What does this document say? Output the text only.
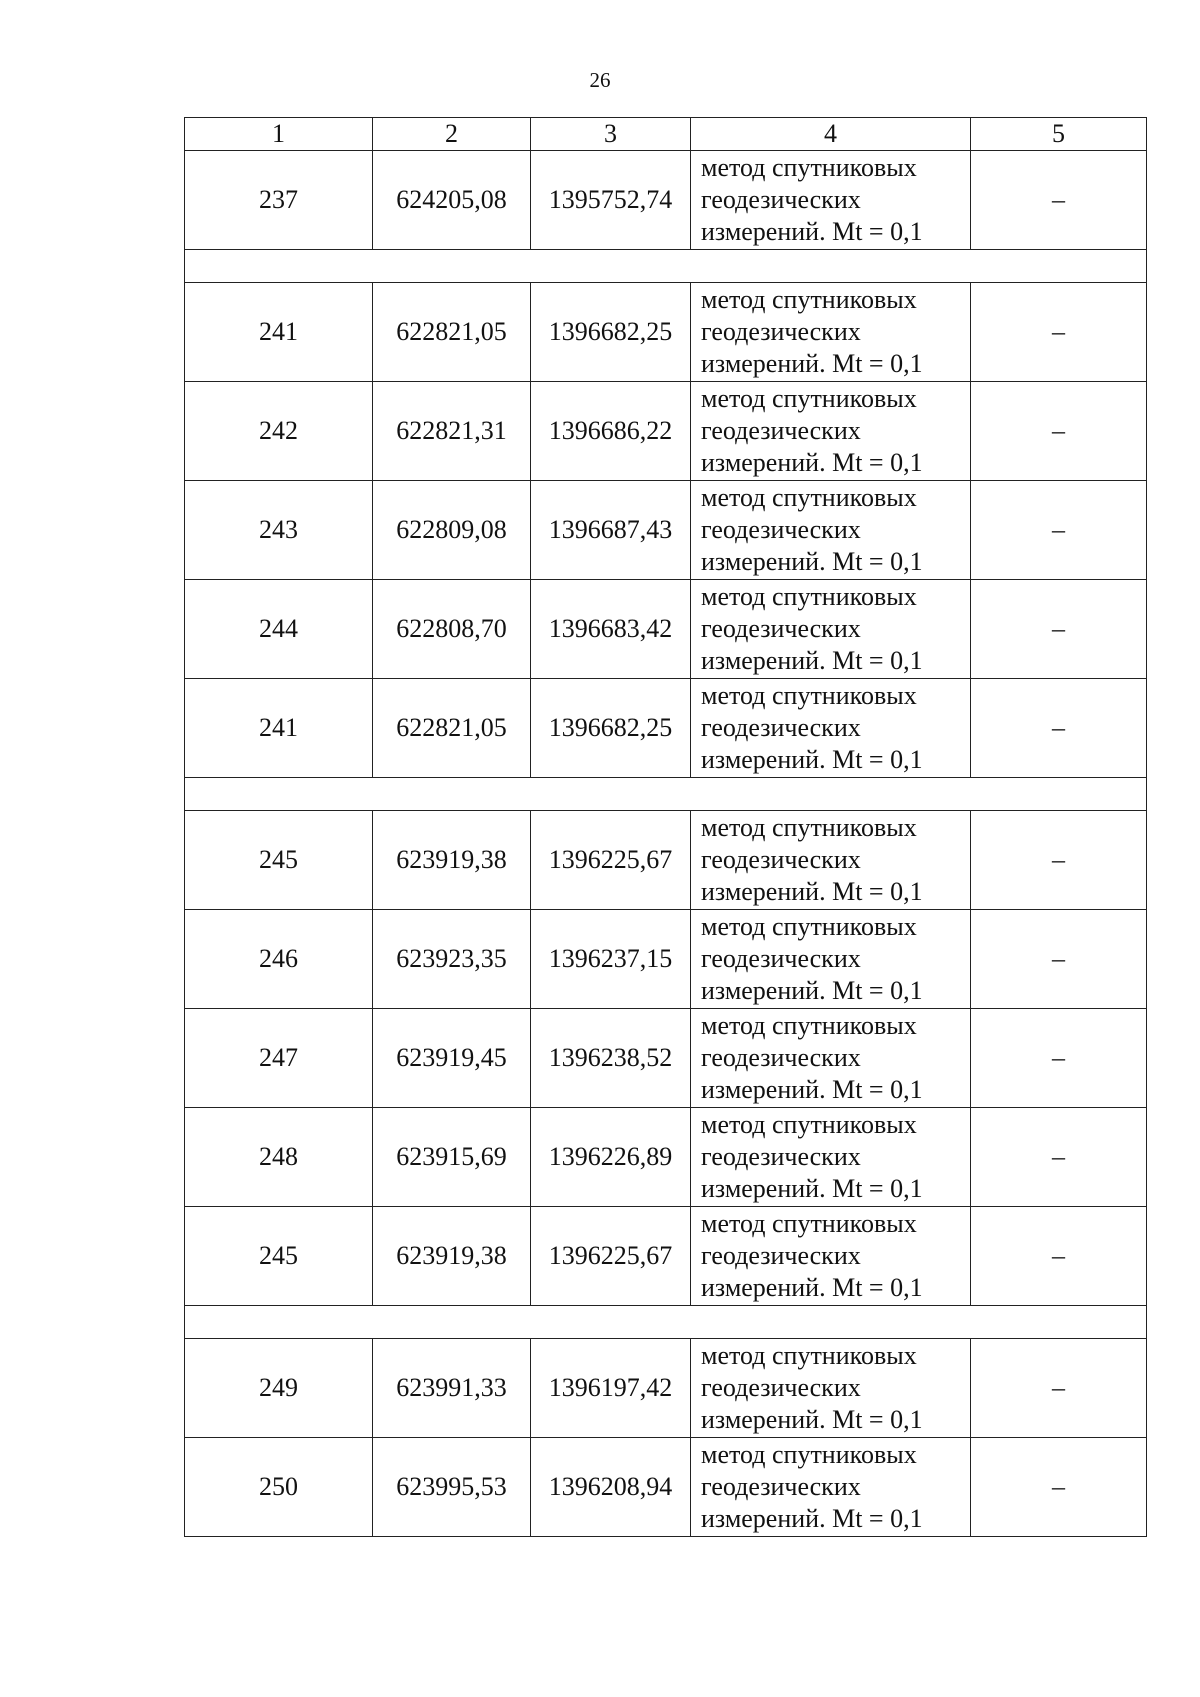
26
1	2	3	4	5
237	624205,08	1395752,74	метод спутниковых
геодезических
измерений. Mt = 0,1	–

241	622821,05	1396682,25	метод спутниковых
геодезических
измерений. Mt = 0,1	–
242	622821,31	1396686,22	метод спутниковых
геодезических
измерений. Mt = 0,1	–
243	622809,08	1396687,43	метод спутниковых
геодезических
измерений. Mt = 0,1	–
244	622808,70	1396683,42	метод спутниковых
геодезических
измерений. Mt = 0,1	–
241	622821,05	1396682,25	метод спутниковых
геодезических
измерений. Mt = 0,1	–

245	623919,38	1396225,67	метод спутниковых
геодезических
измерений. Mt = 0,1	–
246	623923,35	1396237,15	метод спутниковых
геодезических
измерений. Mt = 0,1	–
247	623919,45	1396238,52	метод спутниковых
геодезических
измерений. Mt = 0,1	–
248	623915,69	1396226,89	метод спутниковых
геодезических
измерений. Mt = 0,1	–
245	623919,38	1396225,67	метод спутниковых
геодезических
измерений. Mt = 0,1	–

249	623991,33	1396197,42	метод спутниковых
геодезических
измерений. Mt = 0,1	–
250	623995,53	1396208,94	метод спутниковых
геодезических
измерений. Mt = 0,1	–
